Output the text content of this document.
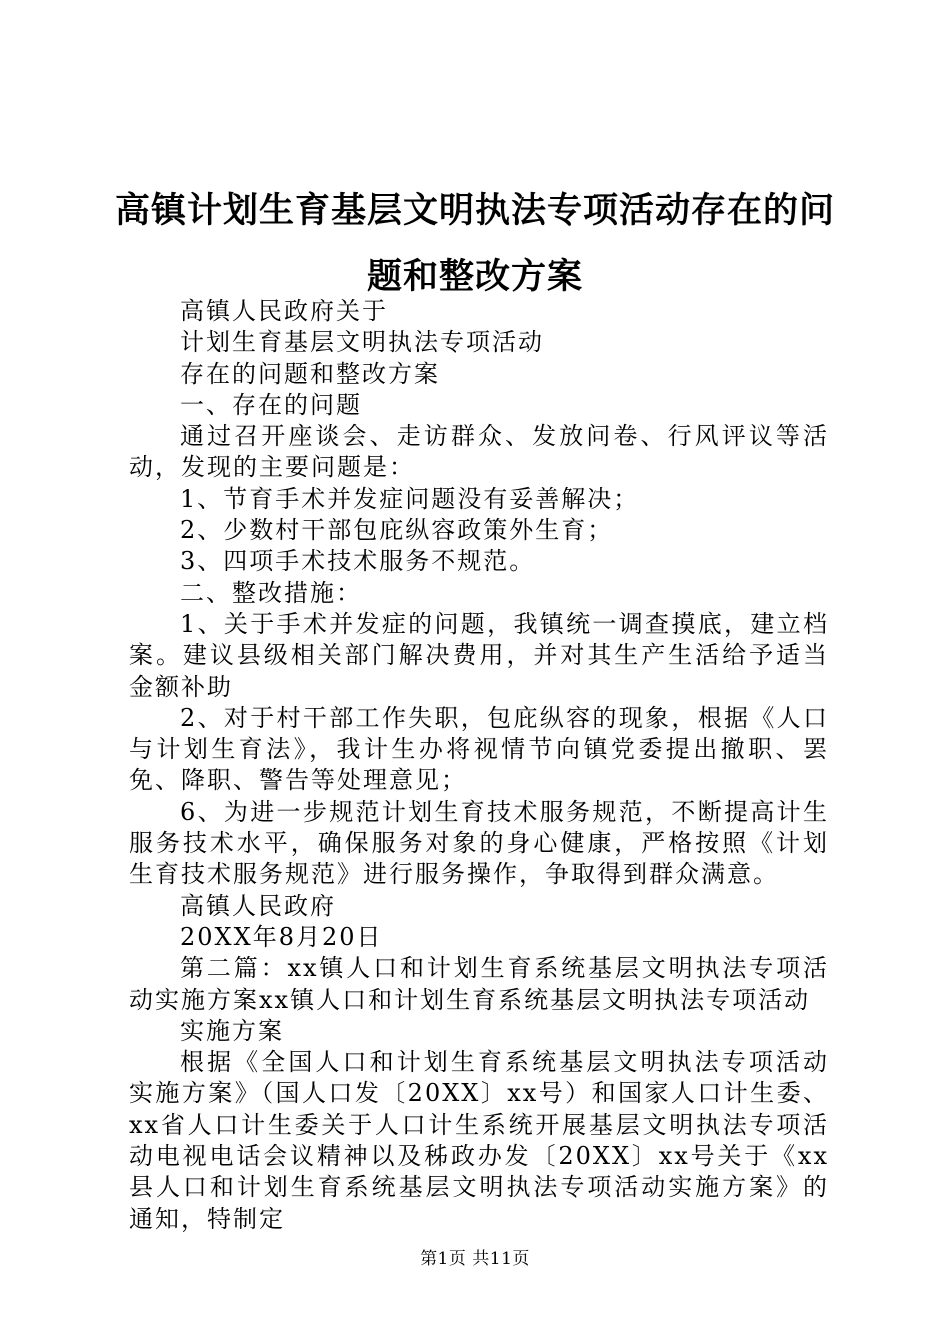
高镇计划生育基层文明执法专项活动存在的问题和整改方案

高镇人民政府关于

计划生育基层文明执法专项活动

存在的问题和整改方案

一、存在的问题

通过召开座谈会、走访群众、发放问卷、行风评议等活动，发现的主要问题是：

1、节育手术并发症问题没有妥善解决；

2、少数村干部包庇纵容政策外生育；

3、四项手术技术服务不规范。

二、整改措施：

1、关于手术并发症的问题，我镇统一调查摸底，建立档案。建议县级相关部门解决费用，并对其生产生活给予适当金额补助

2、对于村干部工作失职，包庇纵容的现象，根据《人口与计划生育法》，我计生办将视情节向镇党委提出撤职、罢免、降职、警告等处理意见；

6、为进一步规范计划生育技术服务规范，不断提高计生服务技术水平，确保服务对象的身心健康，严格按照《计划生育技术服务规范》进行服务操作，争取得到群众满意。

高镇人民政府

20XX年8月20日

第二篇：xx镇人口和计划生育系统基层文明执法专项活动实施方案xx镇人口和计划生育系统基层文明执法专项活动

实施方案

根据《全国人口和计划生育系统基层文明执法专项活动实施方案》（国人口发〔20XX〕xx号）和国家人口计生委、xx省人口计生委关于人口计生系统开展基层文明执法专项活动电视电话会议精神以及秭政办发〔20XX〕xx号关于《xx县人口和计划生育系统基层文明执法专项活动实施方案》的通知，特制定

第1页 共11页
